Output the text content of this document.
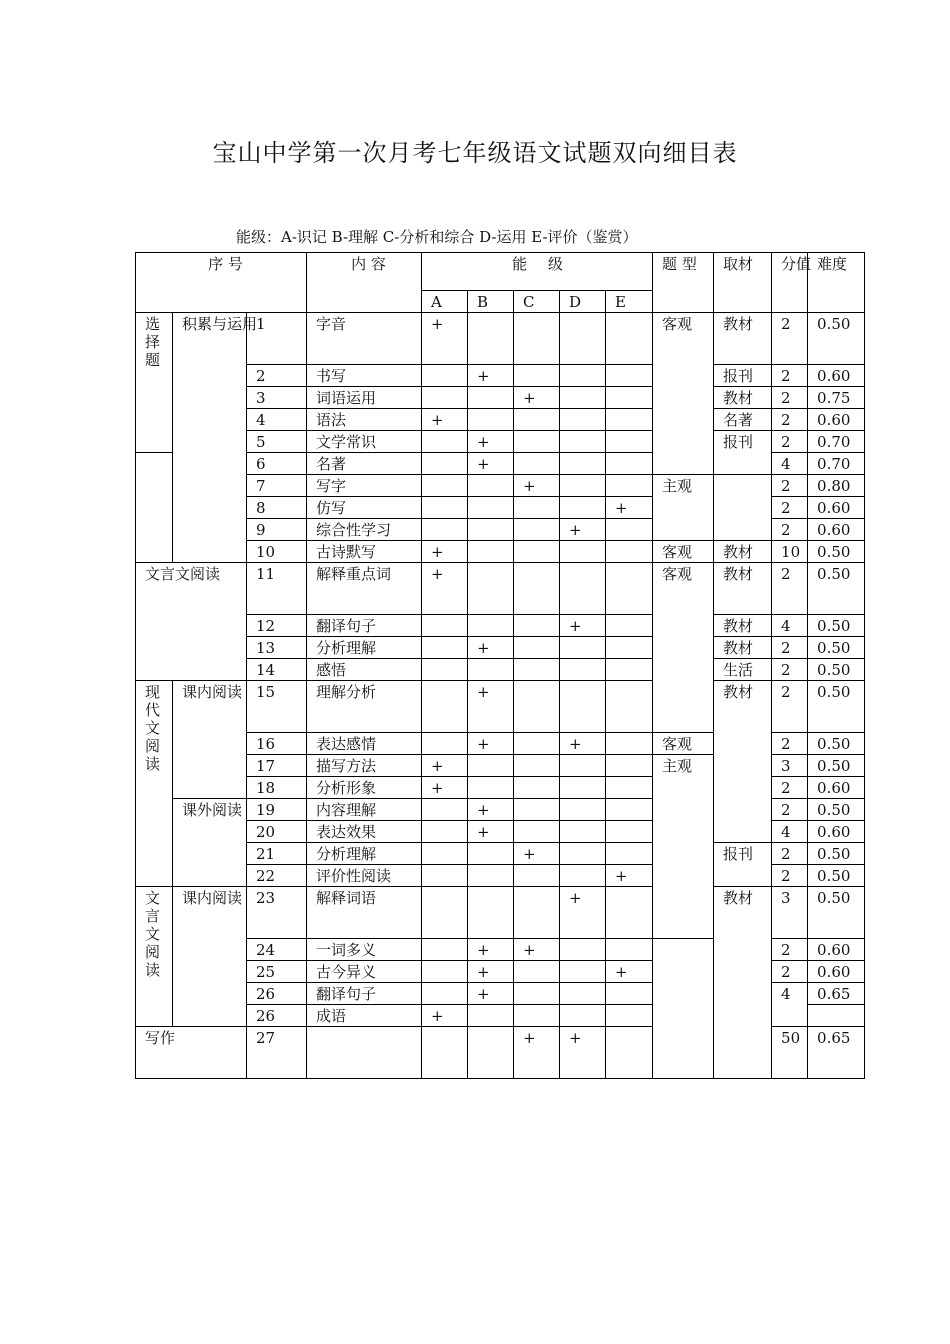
宝山中学第一次月考七年级语文试题双向细目表
能级：A-识记 B-理解 C-分析和综合 D-运用 E-评价（鉴赏）
序 号			内 容	能 级					题 型	取材	分值	难度
				A	B	C	D	E				

选择题	积累与运用	1	字音	+					客观	教材	2	0.50
		2	书写		+					报刊	2	0.60
		3	词语运用			+				教材	2	0.75
		4	语法	+						名著	2	0.60
		5	文学常识		+					报刊	2	0.70
		6	名著		+						4	0.70
		7	写字			+			主观		2	0.80
		8	仿写					+			2	0.60
		9	综合性学习				+				2	0.60
		10	古诗默写	+					客观	教材	10	0.50
文言文阅读		11	解释重点词	+					客观	教材	2	0.50
		12	翻译句子				+			教材	4	0.50
		13	分析理解		+					教材	2	0.50
		14	感悟							生活	2	0.50

现代文阅读	课内阅读	15	理解分析		+					教材	2	0.50
		16	表达感情		+		+		客观		2	0.50
		17	描写方法	+					主观		3	0.50
		18	分析形象	+							2	0.60
	课外阅读	19	内容理解		+						2	0.50
		20	表达效果		+						4	0.60
		21	分析理解			+				报刊	2	0.50
		22	评价性阅读					+			2	0.50

文言文阅读	课内阅读	23	解释词语				+			教材	3	0.50
		24	一词多义		+	+					2	0.60
		25	古今异义		+			+			2	0.60
		26	翻译句子		+						4	0.65
		26	成语	+								
写作		27				+	+				50	0.65
